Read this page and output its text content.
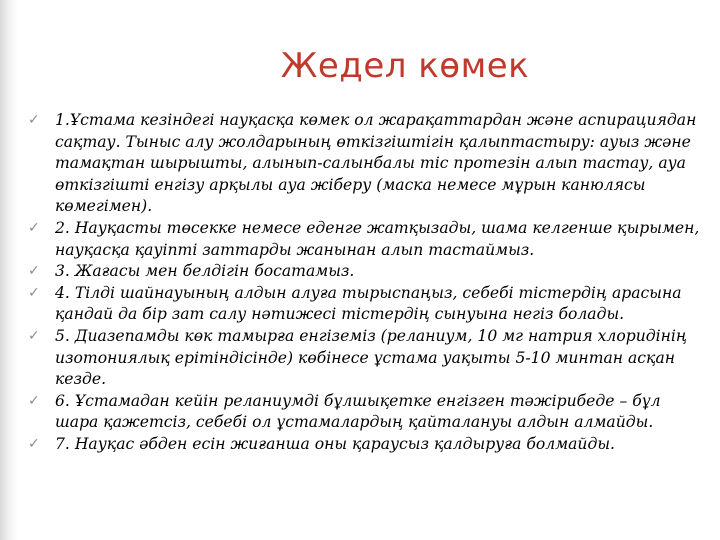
Жедел көмек
✓ 1.Ұстама кезіндегі науқасқа көмек ол жарақаттардан және аспирациядан сақтау. Тыныс алу жолдарының өткізгіштігін қалыптастыру: ауыз және тамақтан шырышты, алынып-салынбалы тіс протезін алып тастау, ауа өткізгішті енгізу арқылы ауа жіберу (маска немесе мұрын канюлясы көмегімен).
✓ 2. Науқасты төсекке немесе еденге жатқызады, шама келгенше қырымен, науқасқа қауіпті заттарды жанынан алып тастаймыз.
✓ 3. Жағасы мен белдігін босатамыз.
✓ 4. Тілді шайнауының алдын алуға тырыспаңыз, себебі тістердің арасына қандай да бір зат салу нәтижесі тістердің сынуына негіз болады.
✓ 5. Диазепамды көк тамырға енгіземіз (реланиум, 10 мг натрия хлоридінің изотониялық ерітіндісінде) көбінесе ұстама уақыты 5-10 минтан асқан кезде.
✓ 6. Ұстамадан кейін реланиумді бұлшықетке енгізген тәжірибеде – бұл шара қажетсіз, себебі ол ұстамалардың қайталануы алдын алмайды.
✓ 7. Науқас әбден есін жиғанша оны қараусыз қалдыруға болмайды.
